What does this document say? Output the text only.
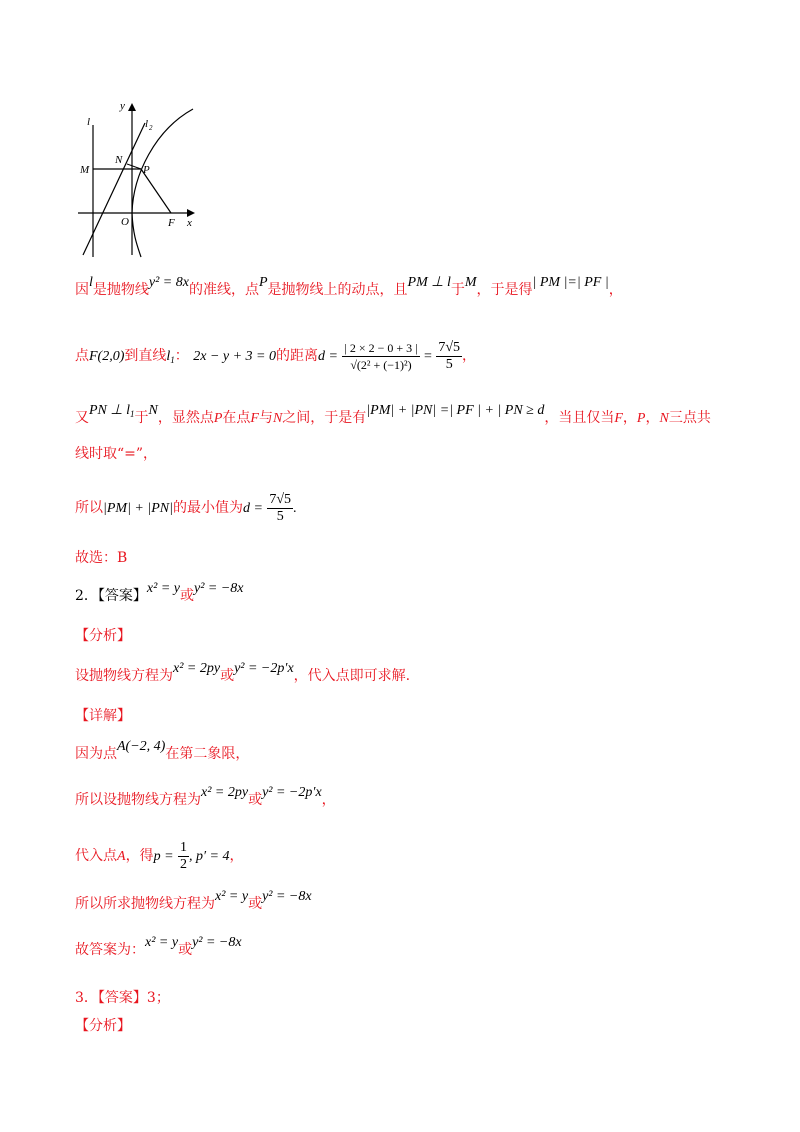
l
y
l 2
N
M	P
O	F x
因l是抛物线y² = 8x的准线，点P是抛物线上的动点，且PM ⊥ l于M，于是得| PM |=| PF |，
点F(2,0)到直线$l_1$： 2x − y + 3 = 0的距离$d = \frac{| 2 \times 2 - 0 + 3 |}{\text{√(2² + (−1)²)}} = \frac{7√5}{5}$ ，
又PN ⊥ $l_1$于N，显然点P在点F与N之间，于是有|PM| + |PN| =| PF | + | PN ≥ d，当且仅当F，P，N三点共
线时取“=”，
所以|PM| + |PN|的最小值为$d = \frac{7√5}{5}$ .
故选：B
2．【答案】x² = y或y² = −8x
【分析】
设抛物线方程为x² = 2py或y² = −2p′x，代入点即可求解.
【详解】
因为点A(−2, 4)在第二象限，
所以设抛物线方程为x² = 2py或y² = −2p′x，
代入点A，得$p = \frac{1}{2}$ , p′ = 4，
所以所求抛物线方程为x² = y或y² = −8x
故答案为：x² = y或y² = −8x
3．【答案】3；
【分析】
